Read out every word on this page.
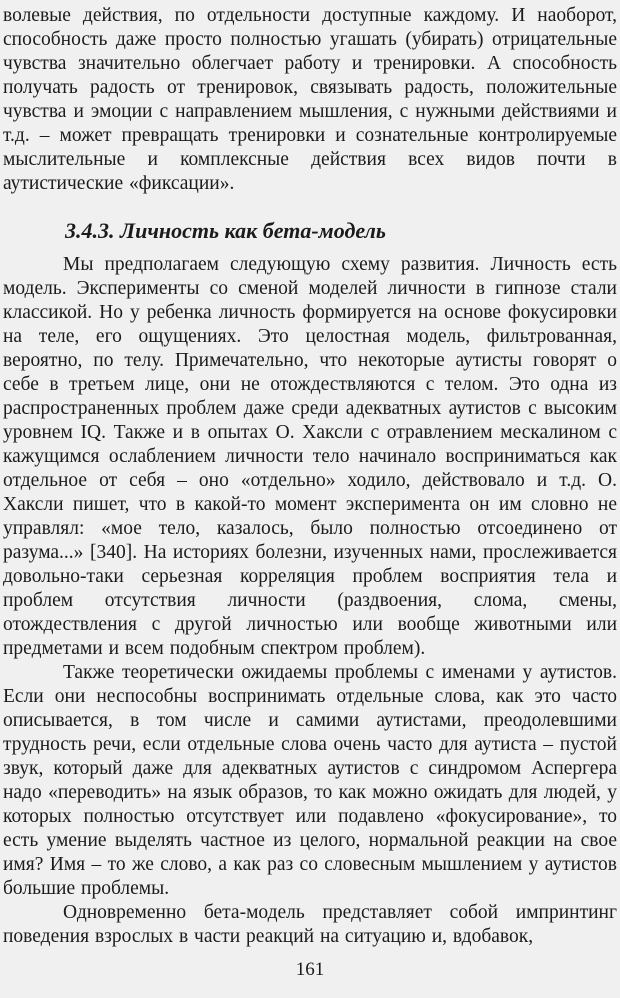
волевые действия, по отдельности доступные каждому. И наоборот, способность даже просто полностью угашать (убирать) отрицательные чувства значительно облегчает работу и тренировки. А способность получать радость от тренировок, связывать радость, положительные чувства и эмоции с направлением мышления, с нужными действиями и т.д. – может превращать тренировки и сознательные контролируемые мыслительные и комплексные действия всех видов почти в аутистические «фиксации».

3.4.3. Личность как бета-модель

Мы предполагаем следующую схему развития. Личность есть модель. Эксперименты со сменой моделей личности в гипнозе стали классикой. Но у ребенка личность формируется на основе фокусировки на теле, его ощущениях. Это целостная модель, фильтрованная, вероятно, по телу. Примечательно, что некоторые аутисты говорят о себе в третьем лице, они не отождествляются с телом. Это одна из распространенных проблем даже среди адекватных аутистов с высоким уровнем IQ. Также и в опытах О. Хаксли с отравлением мескалином с кажущимся ослаблением личности тело начинало восприниматься как отдельное от себя – оно «отдельно» ходило, действовало и т.д. О. Хаксли пишет, что в какой-то момент эксперимента он им словно не управлял: «мое тело, казалось, было полностью отсоединено от разума...» [340]. На историях болезни, изученных нами, прослеживается довольно-таки серьезная корреляция проблем восприятия тела и проблем отсутствия личности (раздвоения, слома, смены, отождествления с другой личностью или вообще животными или предметами и всем подобным спектром проблем).

Также теоретически ожидаемы проблемы с именами у аутистов. Если они неспособны воспринимать отдельные слова, как это часто описывается, в том числе и самими аутистами, преодолевшими трудность речи, если отдельные слова очень часто для аутиста – пустой звук, который даже для адекватных аутистов с синдромом Аспергера надо «переводить» на язык образов, то как можно ожидать для людей, у которых полностью отсутствует или подавлено «фокусирование», то есть умение выделять частное из целого, нормальной реакции на свое имя? Имя – то же слово, а как раз со словесным мышлением у аутистов большие проблемы.

Одновременно бета-модель представляет собой импринтинг поведения взрослых в части реакций на ситуацию и, вдобавок,

161
